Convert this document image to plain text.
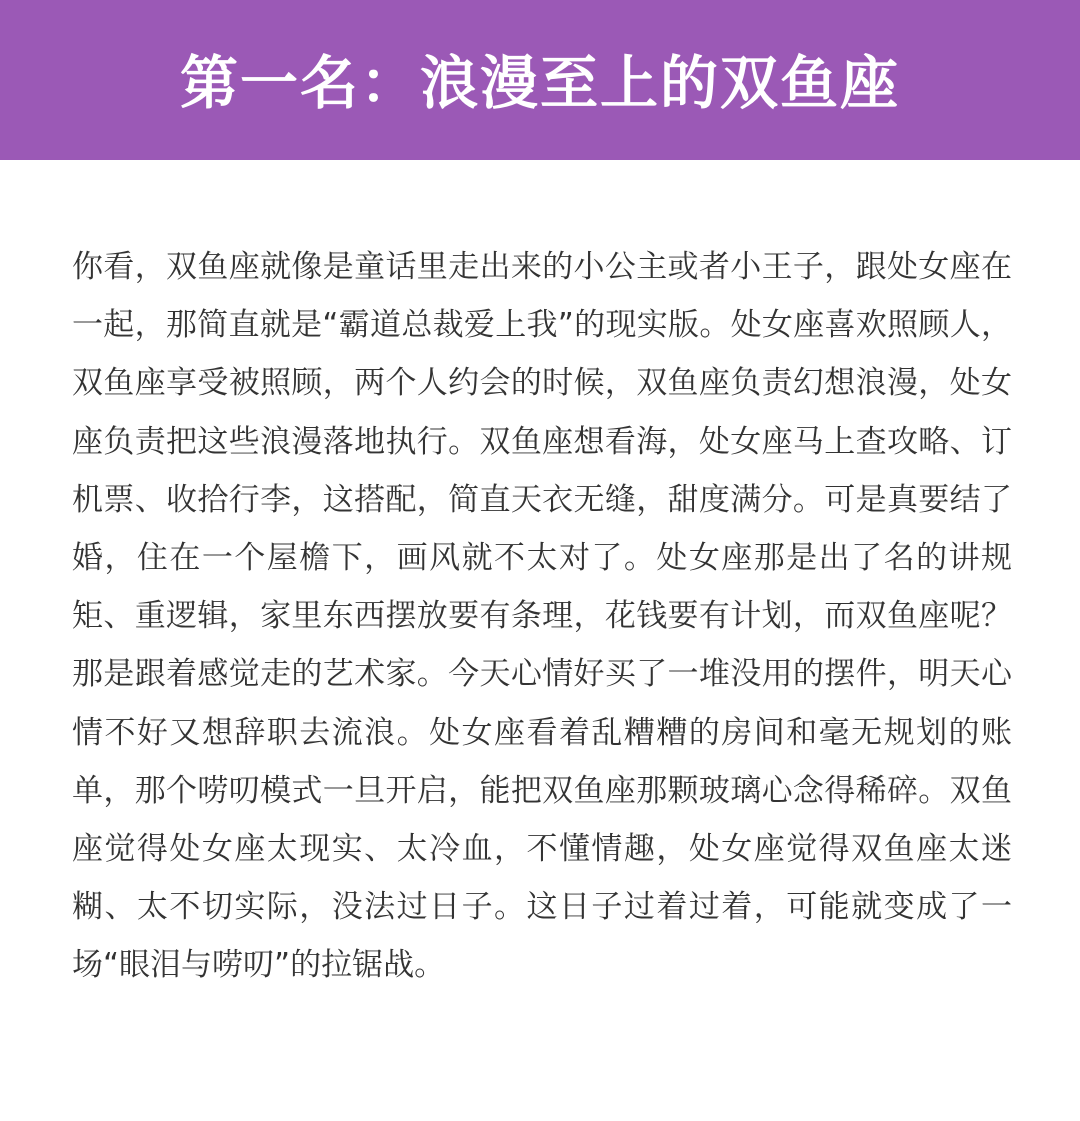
第一名：浪漫至上的双鱼座

你看，双鱼座就像是童话里走出来的小公主或者小王子，跟处女座在一起，那简直就是“霸道总裁爱上我”的现实版。处女座喜欢照顾人，双鱼座享受被照顾，两个人约会的时候，双鱼座负责幻想浪漫，处女座负责把这些浪漫落地执行。双鱼座想看海，处女座马上查攻略、订机票、收拾行李，这搭配，简直天衣无缝，甜度满分。可是真要结了婚，住在一个屋檐下，画风就不太对了。处女座那是出了名的讲规矩、重逻辑，家里东西摆放要有条理，花钱要有计划，而双鱼座呢？那是跟着感觉走的艺术家。今天心情好买了一堆没用的摆件，明天心情不好又想辞职去流浪。处女座看着乱糟糟的房间和毫无规划的账单，那个唠叨模式一旦开启，能把双鱼座那颗玻璃心念得稀碎。双鱼座觉得处女座太现实、太冷血，不懂情趣，处女座觉得双鱼座太迷糊、太不切实际，没法过日子。这日子过着过着，可能就变成了一场“眼泪与唠叨”的拉锯战。
